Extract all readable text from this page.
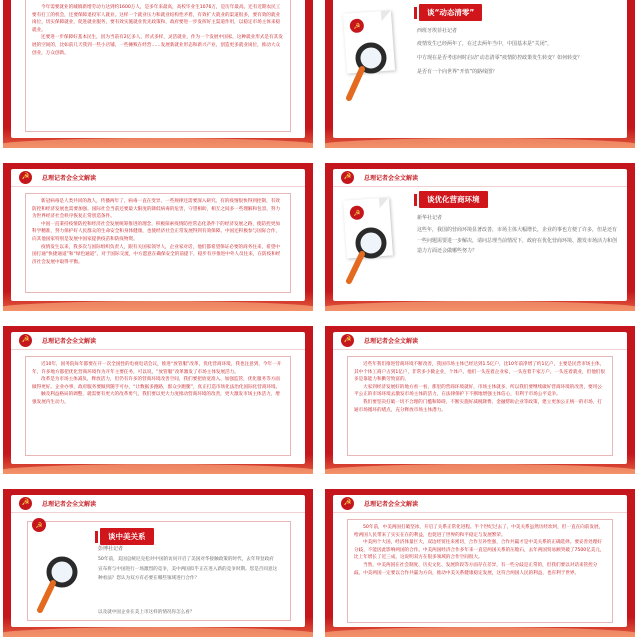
今年需要就业的城镇新增劳动力达到约1600万人，是多年来最高，高校毕业生1076万，是历年最高。还有近期农民工要有打工的机会，还要保障退役军人就业。这样一个就业压力和就业结构性矛盾，有效扩大就业的渠道很多，要有效的就业岗位，切实保障就业，促进就业服务，要有效实施就业优先政策和，政府要进一步发挥好主渠道作用，以稳定市场主体来稳就业。

还要进一步保障好基本民生，因为当前有2亿多人，形式多样，灵活就业，作为一个发展中国家，这种就业形式是有其发展的空间的，比如前几天我到一些小店铺，一些摊贩在经营……发展新就业形态和新兴产业，创造更多就业岗位，推动大众创业，万众创新。

☭
谈“动态清零”
西班牙埃菲社记者
疫情发生已经两年了，在过去两年当中，中国基本是“关闭”，
中方现在是否考虑何时启动“动态清零”疫情防控政策发生转变？如何转变？
是否有一个向世界“开放”的路线图？
☭	总理记者会全文解读

新冠病毒是人类共同的敌人，传播两年了，病毒一直在变异，一些规律还需要深入研究。有的疫情很快得到控制，有效防控和经济发展也需要加强。国际社会当前还要最大限度的降低病毒的危害，守望相助，相互之间多一些理解和包容，努力为世界经济社会秩序恢复正常创造条件。

中国一直秉持疫情防控和经济社会发展统筹推进的理念，积极探索疫情防控常态化条件下的经济发展之路，使防控更加科学精准，努力保护好人民群众的生命安全和身体健康，也使经济社会正常发展得到有效保障。中国还积极参与国际合作，向其他国家特别是发展中国家提供疫苗和防疫物资。

疫情发生以来，我多次与国际组织负责人，跟有关国家领导人，企业家对话，他们都希望保证必要的商务往来，希望中国打通“快捷通道”和“绿色通道”。对于国际交流，中方愿意在确保安全的前提下，稳步有序推进中外人员往来，在防疫和经济社会发展中取得平衡。

☭	总理记者会全文解读
☭
谈优化营商环境
新华社记者
这些年，我国的营商环境显著改善，市场主体大幅增长，企业的事也方便了许多，但是还有一些问题需要进一步解决，请问总理当前情况下，政府在优化营商环境、激发市场活力和创造力方面还会做哪些努力？
☭	总理记者会全文解读

近10年，国务院每年都要在开一次全国性的电视电话会议，推进“放管服”改革，优化营商环境，我也注意到，今年一开年，许多地方都把优化营商环境作为开年主要任务，可以说，“放管服”改革激发了市场主体发展活力。

改革是为市场主体减负，释放活力，但仍有许多的营商环境改善空间，我们要把放宽准入、加强监管，优化服务等方面做得更好。企业办事，政府服务要做到随手可办，“让数据多跑路，群众少跑腿”，真正打造市场化法治化国际化营商环境。

触及利益格局的调整，就需要有更大的改革勇气，我们要以更大力度推动营商环境的改善，更大激发市场主体活力，增强发展内生动力。

☭	总理记者会全文解读

近些年我们推进营商环境不断改善，我国市场主体已经达到1.5亿户，比10年前净增了约1亿户，主要是民营市场主体，其中个体工商户占到1亿户，非常多小微企业，个体户。他们一头连着企业家，一头连着千家万户，一头连着就业，但他们很多是靠能力和勤劳致富的。

大家到经济发展好的地方看一看，那里的营商环境就好，市场主体就多，所以我们要继续做好营商环境的改善，要用公平公正的市场环境去激发市场主体的活力，在法律保护下不断地增强主体信心，有利于市场公平竞争。

我们要坚决打破一切不合理的门槛和障碍，不断实施好减税降费、金融帮助企业等政策，建立更加公正统一的市场，打通市场循环的堵点，充分释放市场主体潜力。

☭	总理记者会全文解读
☭
谈中美关系
彭博社记者
50年前，美国总统尼克松对中国的访问开启了美国对华接触政策的时代，去年拜登政府宣布将与中国进行一场激烈的竞争，美中两国似乎正在进入新的竞争时期。您是否同意这种看法？您认为双方有必要在哪些领域进行合作？
以及就中国企业在美上市这样的情况你怎么看？
☭	总理记者会全文解读

50年前，中美两国打破坚冰，开启了关系正常化进程。半个世纪过去了，中美关系虽然历经坎坷，但一直在向前发展，给两国人民带来了实实在在的利益，也促进了世界的和平稳定与发展繁荣。

中美两个大国，经济体量巨大，双边经贸往来密切，合作互补性强，合作共赢才是中美关系的正确选择。要妥善处理好分歧，不能因此影响两国的合作。中美两国经济合作多年来一直是两国关系的压舱石，去年两国贸易额突破了7500亿美元，比上年增长了近三成，这说明双方在很多领域的合作空间很大。

当然，中美两国在社会制度、历史文化、发展阶段等方面存在差异，有一些分歧是正常的，但我们要以对话来管控分歧。中美两国一定要以合作共赢为方向，推动中美关系健康稳定发展，这符合两国人民的利益，也有利于世界。
